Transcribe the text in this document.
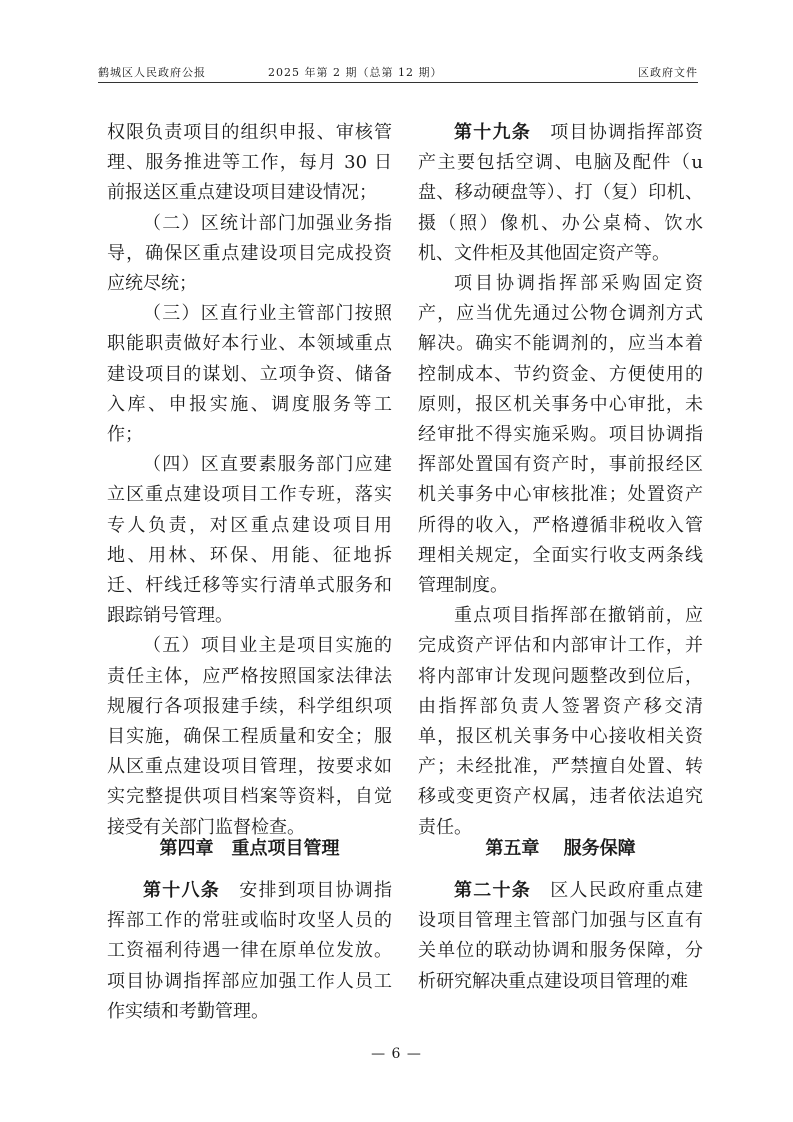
鹤城区人民政府公报	2025 年第 2 期（总第 12 期）	区政府文件

权限负责项目的组织申报、审核管理、服务推进等工作，每月 30 日前报送区重点建设项目建设情况；

（二）区统计部门加强业务指导，确保区重点建设项目完成投资应统尽统；

（三）区直行业主管部门按照职能职责做好本行业、本领域重点建设项目的谋划、立项争资、储备入库、申报实施、调度服务等工作；

（四）区直要素服务部门应建立区重点建设项目工作专班，落实专人负责，对区重点建设项目用地、用林、环保、用能、征地拆迁、杆线迁移等实行清单式服务和跟踪销号管理。

（五）项目业主是项目实施的责任主体，应严格按照国家法律法规履行各项报建手续，科学组织项目实施，确保工程质量和安全；服从区重点建设项目管理，按要求如实完整提供项目档案等资料，自觉接受有关部门监督检查。

第四章　重点项目管理

第十八条　安排到项目协调指挥部工作的常驻或临时攻坚人员的工资福利待遇一律在原单位发放。项目协调指挥部应加强工作人员工作实绩和考勤管理。

第十九条　项目协调指挥部资产主要包括空调、电脑及配件（u 盘、移动硬盘等）、打（复）印机、摄（照）像机、办公桌椅、饮水机、文件柜及其他固定资产等。

项目协调指挥部采购固定资产，应当优先通过公物仓调剂方式解决。确实不能调剂的，应当本着控制成本、节约资金、方便使用的原则，报区机关事务中心审批，未经审批不得实施采购。项目协调指挥部处置国有资产时，事前报经区机关事务中心审核批准；处置资产所得的收入，严格遵循非税收入管理相关规定，全面实行收支两条线管理制度。

重点项目指挥部在撤销前，应完成资产评估和内部审计工作，并将内部审计发现问题整改到位后，由指挥部负责人签署资产移交清单，报区机关事务中心接收相关资产；未经批准，严禁擅自处置、转移或变更资产权属，违者依法追究责任。

第五章　 服务保障

第二十条　区人民政府重点建设项目管理主管部门加强与区直有关单位的联动协调和服务保障，分析研究解决重点建设项目管理的难

— 6 —
